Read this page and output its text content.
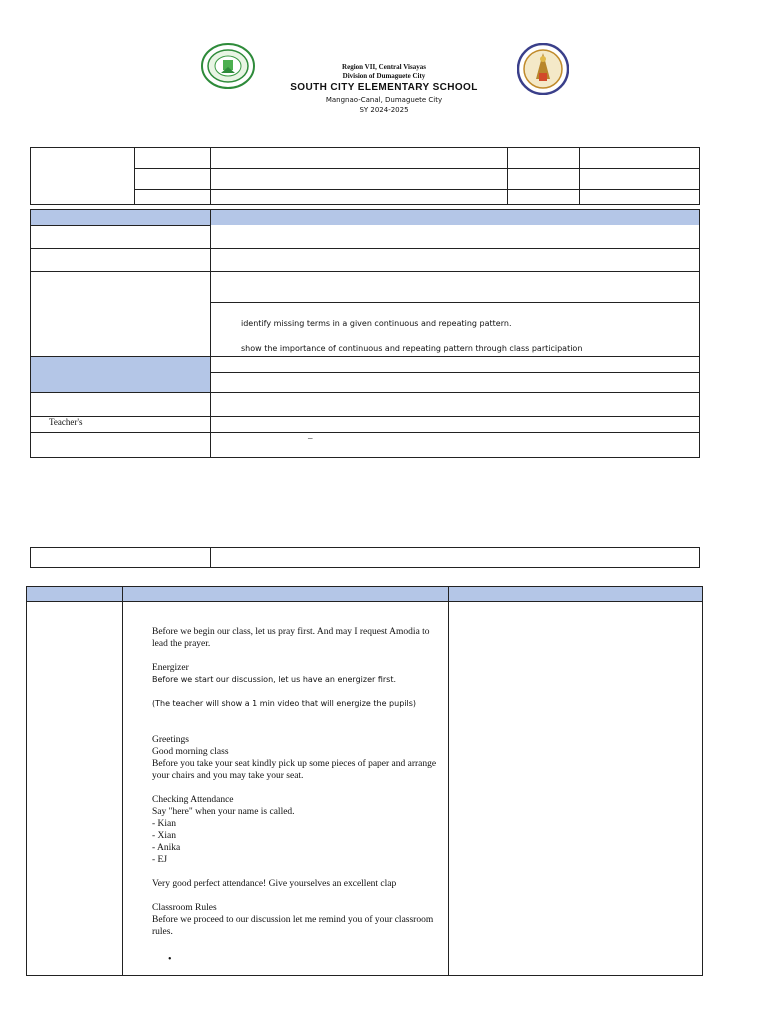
Region VII, Central Visayas
Division of Dumaguete City
SOUTH CITY ELEMENTARY SCHOOL
Mangnao-Canal, Dumaguete City
SY 2024-2025
identify missing terms in a given continuous and repeating pattern.
show the importance of continuous and repeating pattern through class participation
Teacher's
–

Before we begin our class, let us pray first. And may I request Amodia to lead the prayer.

Energizer

Before we start our discussion, let us have an energizer first.

(The teacher will show a 1 min video that will energize the pupils)

Greetings

Good morning class

Before you take your seat kindly pick up some pieces of paper and arrange your chairs and you may take your seat.

Checking Attendance

Say "here" when your name is called.

- Kian

- Xian

- Anika

- EJ

Very good perfect attendance! Give yourselves an excellent clap

Classroom Rules

Before we proceed to our discussion let me remind you of your classroom rules.

•
